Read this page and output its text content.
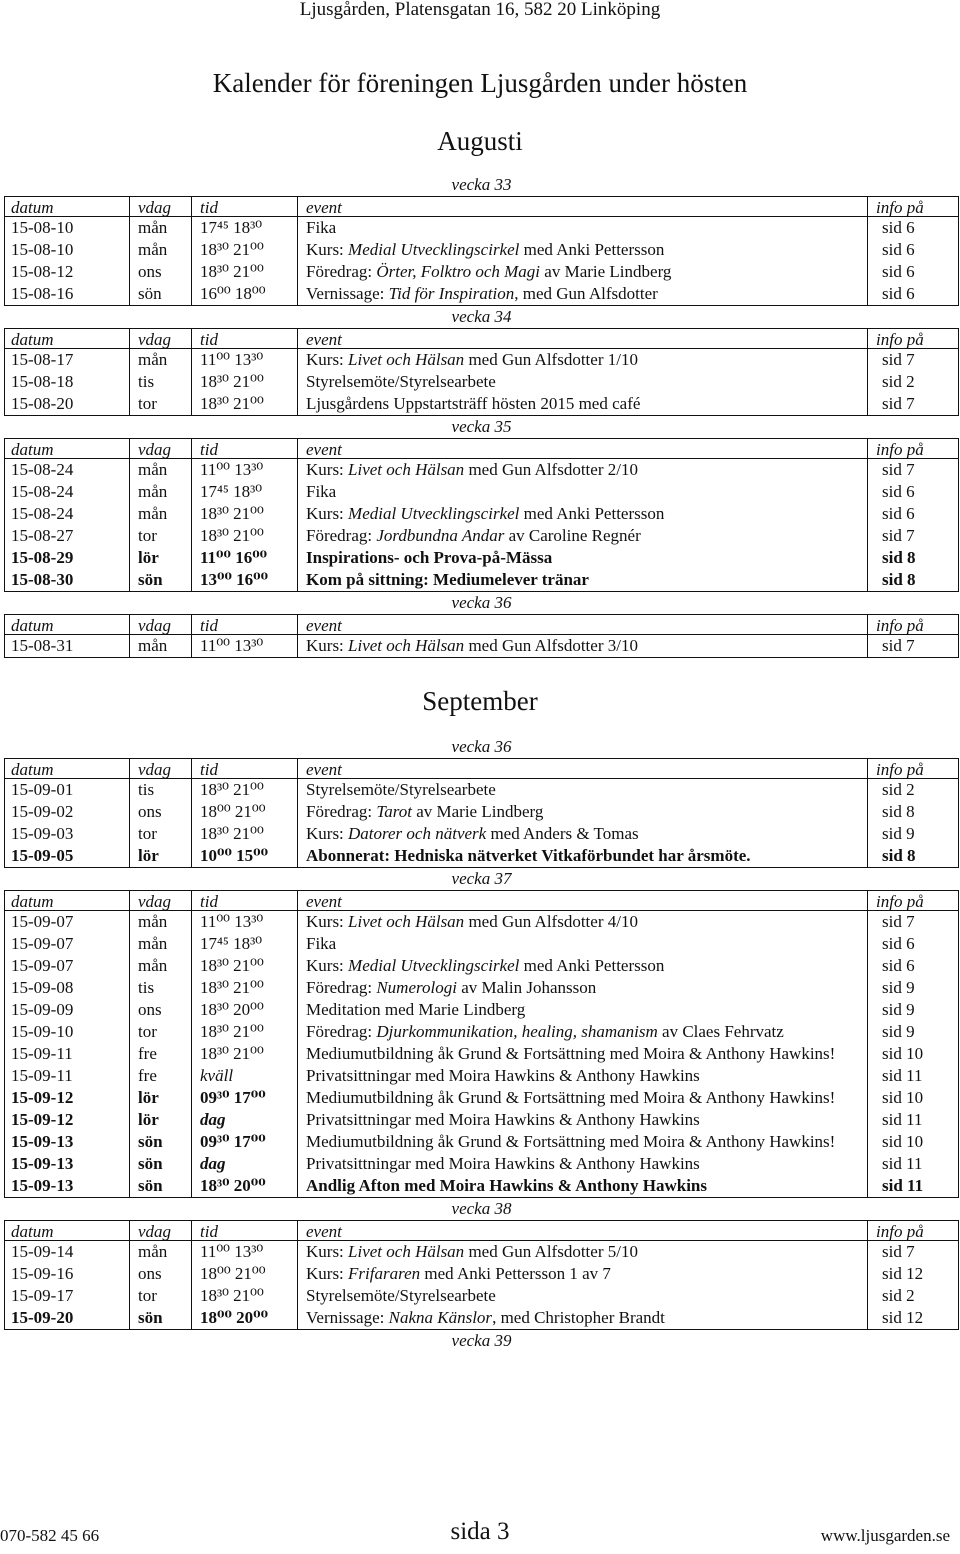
Ljusgården, Platensgatan 16, 582 20 Linköping
Kalender för föreningen Ljusgården under hösten
Augusti
vecka 33
datum	vdag	tid	event	info på
15-08-10	mån	17⁴⁵ 18³⁰	Fika	sid 6
15-08-10	mån	18³⁰ 21⁰⁰	Kurs: Medial Utvecklingscirkel med Anki Pettersson	sid 6
15-08-12	ons	18³⁰ 21⁰⁰	Föredrag: Örter, Folktro och Magi av Marie Lindberg	sid 6
15-08-16	sön	16⁰⁰ 18⁰⁰	Vernissage: Tid för Inspiration, med Gun Alfsdotter	sid 6
vecka 34
datum	vdag	tid	event	info på
15-08-17	mån	11⁰⁰ 13³⁰	Kurs: Livet och Hälsan med Gun Alfsdotter 1/10	sid 7
15-08-18	tis	18³⁰ 21⁰⁰	Styrelsemöte/Styrelsearbete	sid 2
15-08-20	tor	18³⁰ 21⁰⁰	Ljusgårdens Uppstartsträff hösten 2015 med café	sid 7
vecka 35
datum	vdag	tid	event	info på
15-08-24	mån	11⁰⁰ 13³⁰	Kurs: Livet och Hälsan med Gun Alfsdotter 2/10	sid 7
15-08-24	mån	17⁴⁵ 18³⁰	Fika	sid 6
15-08-24	mån	18³⁰ 21⁰⁰	Kurs: Medial Utvecklingscirkel med Anki Pettersson	sid 6
15-08-27	tor	18³⁰ 21⁰⁰	Föredrag: Jordbundna Andar av Caroline Regnér	sid 7
15-08-29	lör	11⁰⁰ 16⁰⁰	Inspirations- och Prova-på-Mässa	sid 8
15-08-30	sön	13⁰⁰ 16⁰⁰	Kom på sittning: Mediumelever tränar	sid 8
vecka 36
datum	vdag	tid	event	info på
15-08-31	mån	11⁰⁰ 13³⁰	Kurs: Livet och Hälsan med Gun Alfsdotter 3/10	sid 7
September
vecka 36
datum	vdag	tid	event	info på
15-09-01	tis	18³⁰ 21⁰⁰	Styrelsemöte/Styrelsearbete	sid 2
15-09-02	ons	18⁰⁰ 21⁰⁰	Föredrag: Tarot av Marie Lindberg	sid 8
15-09-03	tor	18³⁰ 21⁰⁰	Kurs: Datorer och nätverk med Anders & Tomas	sid 9
15-09-05	lör	10⁰⁰ 15⁰⁰	Abonnerat: Hedniska nätverket Vitkaförbundet har årsmöte.	sid 8
vecka 37
datum	vdag	tid	event	info på
15-09-07	mån	11⁰⁰ 13³⁰	Kurs: Livet och Hälsan med Gun Alfsdotter 4/10	sid 7
15-09-07	mån	17⁴⁵ 18³⁰	Fika	sid 6
15-09-07	mån	18³⁰ 21⁰⁰	Kurs: Medial Utvecklingscirkel med Anki Pettersson	sid 6
15-09-08	tis	18³⁰ 21⁰⁰	Föredrag: Numerologi av Malin Johansson	sid 9
15-09-09	ons	18³⁰ 20⁰⁰	Meditation med Marie Lindberg	sid 9
15-09-10	tor	18³⁰ 21⁰⁰	Föredrag: Djurkommunikation, healing, shamanism av Claes Fehrvatz	sid 9
15-09-11	fre	18³⁰ 21⁰⁰	Mediumutbildning åk Grund & Fortsättning med Moira & Anthony Hawkins!	sid 10
15-09-11	fre	kväll	Privatsittningar med Moira Hawkins & Anthony Hawkins	sid 11
15-09-12	lör	09³⁰ 17⁰⁰	Mediumutbildning åk Grund & Fortsättning med Moira & Anthony Hawkins!	sid 10
15-09-12	lör	dag	Privatsittningar med Moira Hawkins & Anthony Hawkins	sid 11
15-09-13	sön	09³⁰ 17⁰⁰	Mediumutbildning åk Grund & Fortsättning med Moira & Anthony Hawkins!	sid 10
15-09-13	sön	dag	Privatsittningar med Moira Hawkins & Anthony Hawkins	sid 11
15-09-13	sön	18³⁰ 20⁰⁰	Andlig Afton med Moira Hawkins & Anthony Hawkins	sid 11
vecka 38
datum	vdag	tid	event	info på
15-09-14	mån	11⁰⁰ 13³⁰	Kurs: Livet och Hälsan med Gun Alfsdotter 5/10	sid 7
15-09-16	ons	18⁰⁰ 21⁰⁰	Kurs: Frifararen med Anki Pettersson 1 av 7	sid 12
15-09-17	tor	18³⁰ 21⁰⁰	Styrelsemöte/Styrelsearbete	sid 2
15-09-20	sön	18⁰⁰ 20⁰⁰	Vernissage: Nakna Känslor, med Christopher Brandt	sid 12
vecka 39
070-582 45 66	sida 3	www.ljusgarden.se
